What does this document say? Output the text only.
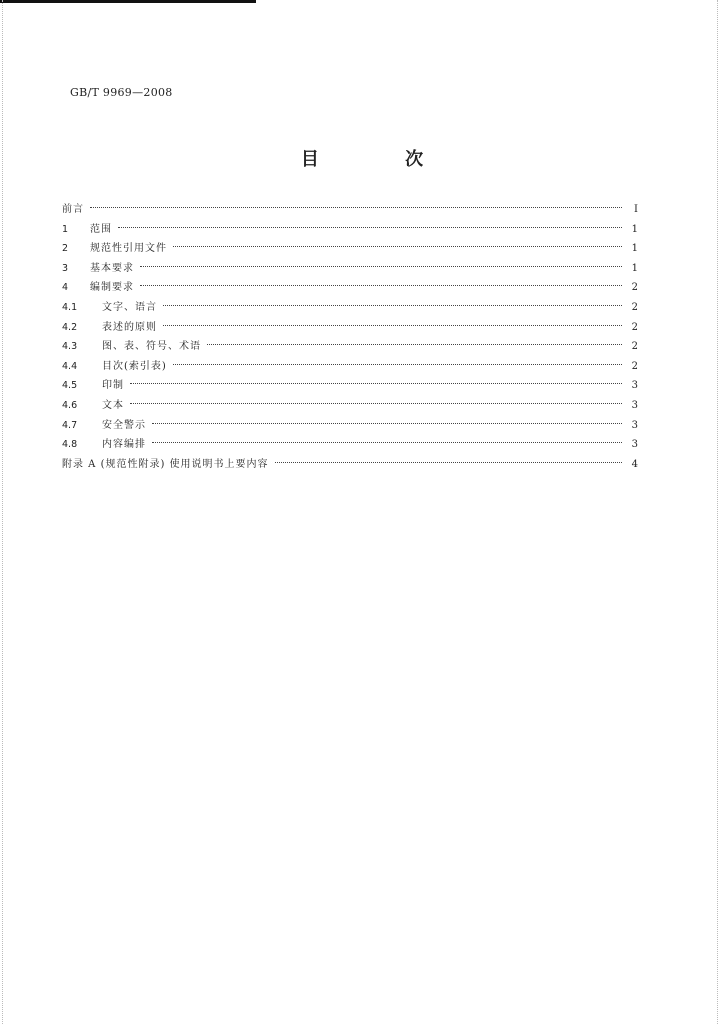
GB/T 9969—2008
目 次
前言	I
1	范围	1
2	规范性引用文件	1
3	基本要求	1
4	编制要求	2
4.1	文字、语言	2
4.2	表述的原则	2
4.3	图、表、符号、术语	2
4.4	目次(索引表)	2
4.5	印制	3
4.6	文本	3
4.7	安全警示	3
4.8	内容编排	3
附录 A (规范性附录) 使用说明书上要内容	4
